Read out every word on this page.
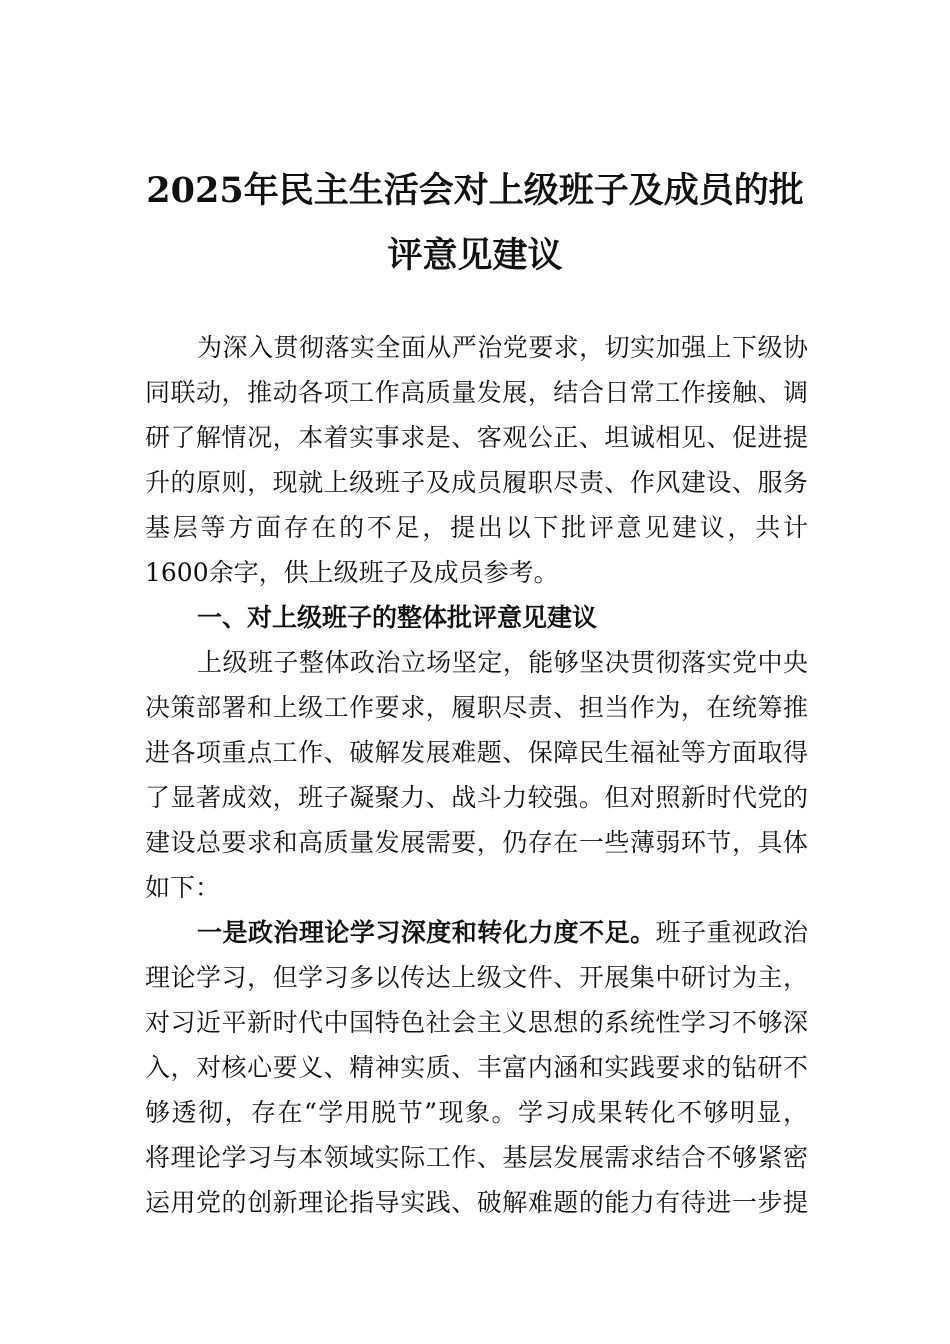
2025年民主生活会对上级班子及成员的批
评意见建议
为深入贯彻落实全面从严治党要求，切实加强上下级协
同联动，推动各项工作高质量发展，结合日常工作接触、调
研了解情况，本着实事求是、客观公正、坦诚相见、促进提
升的原则，现就上级班子及成员履职尽责、作风建设、服务
基层等方面存在的不足，提出以下批评意见建议，共计
1600余字，供上级班子及成员参考。
一、对上级班子的整体批评意见建议
上级班子整体政治立场坚定，能够坚决贯彻落实党中央
决策部署和上级工作要求，履职尽责、担当作为，在统筹推
进各项重点工作、破解发展难题、保障民生福祉等方面取得
了显著成效，班子凝聚力、战斗力较强。但对照新时代党的
建设总要求和高质量发展需要，仍存在一些薄弱环节，具体
如下：
一是政治理论学习深度和转化力度不足。班子重视政治
理论学习，但学习多以传达上级文件、开展集中研讨为主，
对习近平新时代中国特色社会主义思想的系统性学习不够深
入，对核心要义、精神实质、丰富内涵和实践要求的钻研不
够透彻，存在“学用脱节”现象。学习成果转化不够明显，
将理论学习与本领域实际工作、基层发展需求结合不够紧密
运用党的创新理论指导实践、破解难题的能力有待进一步提
